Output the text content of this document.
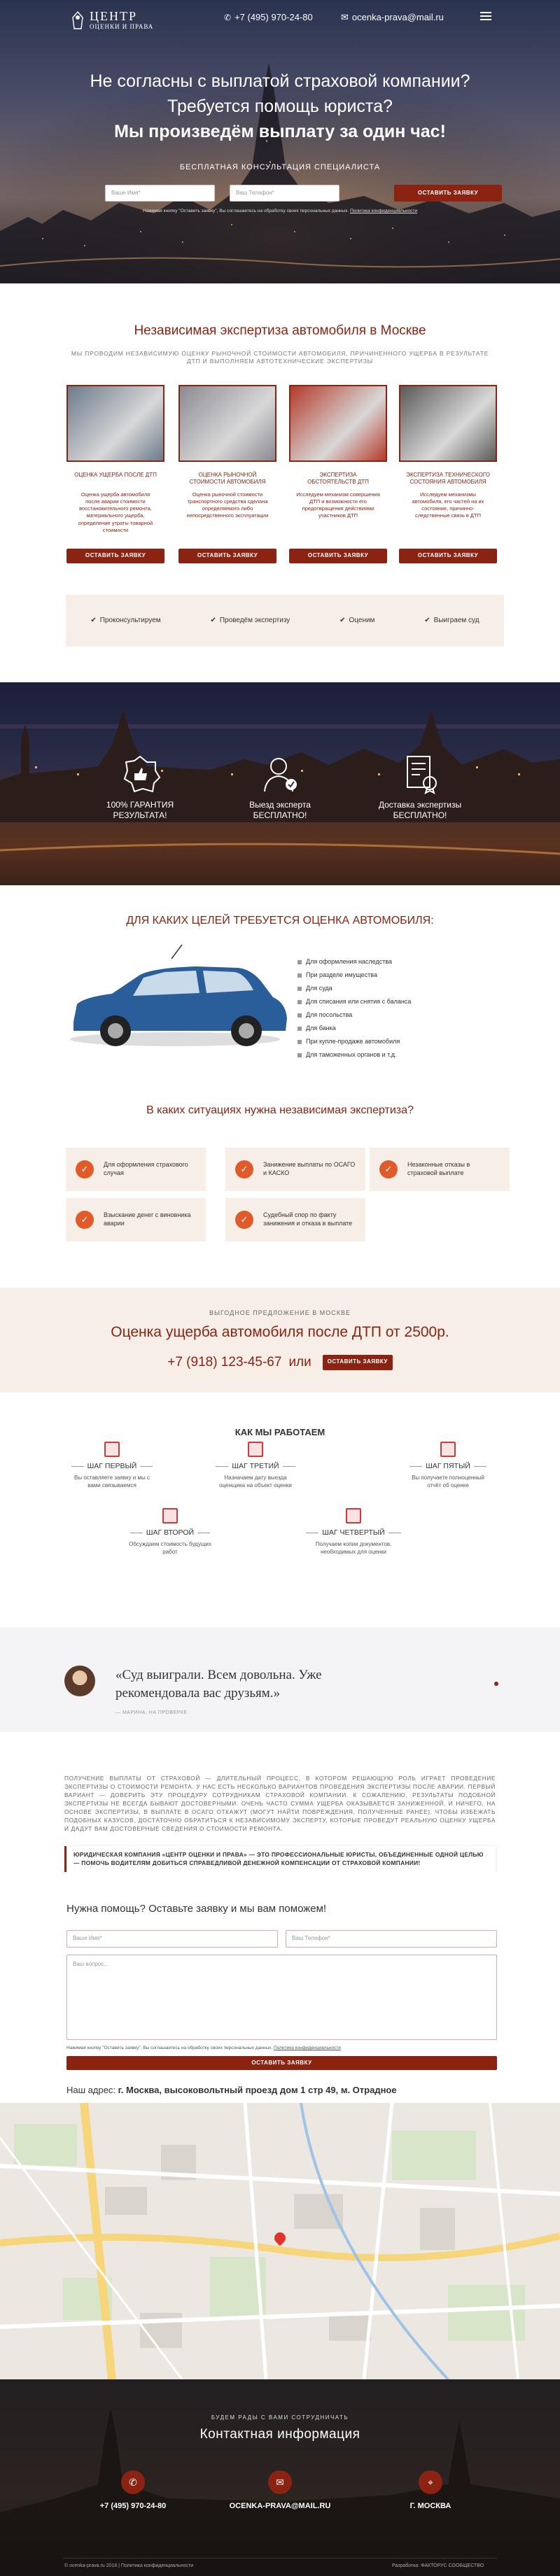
ЦЕНТР
ОЦЕНКИ И ПРАВА
✆ +7 (495) 970-24-80	✉ ocenka-prava@mail.ru
Не согласны с выплатой страховой компании?
Требуется помощь юриста?
Мы произведём выплату за один час!
БЕСПЛАТНАЯ КОНСУЛЬТАЦИЯ СПЕЦИАЛИСТА
Ваше Имя*	Ваш Телефон*	ОСТАВИТЬ ЗАЯВКУ
Нажимая кнопку "Оставить заявку", Вы соглашаетесь на обработку своих персональных данных. Политика конфиденциальности
Независимая экспертиза автомобиля в Москве
МЫ ПРОВОДИМ НЕЗАВИСИМУЮ ОЦЕНКУ РЫНОЧНОЙ СТОИМОСТИ АВТОМОБИЛЯ, ПРИЧИНЕННОГО УЩЕРБА В РЕЗУЛЬТАТЕ ДТП И ВЫПОЛНЯЕМ АВТОТЕХНИЧЕСКИЕ ЭКСПЕРТИЗЫ
ОЦЕНКА УЩЕРБА ПОСЛЕ ДТП
Оценка ущерба автомобиля после аварии стоимости восстановительного ремонта, материального ущерба, определение утраты товарной стоимости
ОСТАВИТЬ ЗАЯВКУ
ОЦЕНКА РЫНОЧНОЙ СТОИМОСТИ АВТОМОБИЛЯ
Оценка рыночной стоимости транспортного средства сделана определяемого либо непосредственного эксплуатации
ОСТАВИТЬ ЗАЯВКУ
ЭКСПЕРТИЗА ОБСТОЯТЕЛЬСТВ ДТП
Исследуем механизм совершения ДТП и возможности его предотвращения действиями участников ДТП
ОСТАВИТЬ ЗАЯВКУ
ЭКСПЕРТИЗА ТЕХНИЧЕСКОГО СОСТОЯНИЯ АВТОМОБИЛЯ
Исследуем механизмы автомобиля, его частей на их состояние, причинно-следственные связь в ДТП
ОСТАВИТЬ ЗАЯВКУ
✔ Проконсультируем	✔ Проведём экспертизу	✔ Оценим	✔ Выиграем суд
100% ГАРАНТИЯ РЕЗУЛЬТАТА!
Выезд эксперта БЕСПЛАТНО!
Доставка экспертизы БЕСПЛАТНО!
ДЛЯ КАКИХ ЦЕЛЕЙ ТРЕБУЕТСЯ ОЦЕНКА АВТОМОБИЛЯ:
Для оформления наследства
При разделе имущества
Для суда
Для списания или снятия с баланса
Для посольства
Для банка
При купле-продаже автомобиля
Для таможенных органов и т.д.
В каких ситуациях нужна независимая экспертиза?
✓	Для оформления страхового случая	✓	Занижение выплаты по ОСАГО и КАСКО	✓	Незаконные отказы в страховой выплате
✓	Взыскание денег с виновника аварии	✓	Судебный спор по факту занижения и отказа в выплате
ВЫГОДНОЕ ПРЕДЛОЖЕНИЕ В МОСКВЕ
Оценка ущерба автомобиля после ДТП от 2500р.
+7 (918) 123-45-67 или	ОСТАВИТЬ ЗАЯВКУ
КАК МЫ РАБОТАЕМ
ШАГ ПЕРВЫЙ
Вы оставляете заявку и мы с вами связываемся
ШАГ ТРЕТИЙ
Назначаем дату выезда оценщика на объект оценки
ШАГ ПЯТЫЙ
Вы получаете полноценный отчёт об оценке
ШАГ ВТОРОЙ
Обсуждаем стоимость будущих работ
ШАГ ЧЕТВЕРТЫЙ
Получаем копии документов, необходимых для оценки
«Суд выиграли. Всем довольна. Уже рекомендовала вас друзьям.»
— МАРИНА, НА ПРОВЕРКЕ
ПОЛУЧЕНИЕ ВЫПЛАТЫ ОТ СТРАХОВОЙ — ДЛИТЕЛЬНЫЙ ПРОЦЕСС, В КОТОРОМ РЕШАЮЩУЮ РОЛЬ ИГРАЕТ ПРОВЕДЕНИЕ ЭКСПЕРТИЗЫ О СТОИМОСТИ РЕМОНТА. У НАС ЕСТЬ НЕСКОЛЬКО ВАРИАНТОВ ПРОВЕДЕНИЯ ЭКСПЕРТИЗЫ ПОСЛЕ АВАРИИ. ПЕРВЫЙ ВАРИАНТ — ДОВЕРИТЬ ЭТУ ПРОЦЕДУРУ СОТРУДНИКАМ СТРАХОВОЙ КОМПАНИИ. К СОЖАЛЕНИЮ, РЕЗУЛЬТАТЫ ПОДОБНОЙ ЭКСПЕРТИЗЫ НЕ ВСЕГДА БЫВАЮТ ДОСТОВЕРНЫМИ. ОЧЕНЬ ЧАСТО СУММА УЩЕРБА ОКАЗЫВАЕТСЯ ЗАНИЖЕННОЙ, И НИЧЕГО, НА ОСНОВЕ ЭКСПЕРТИЗЫ, В ВЫПЛАТЕ В ОСАГО ОТКАЖУТ (МОГУТ НАЙТИ ПОВРЕЖДЕНИЯ, ПОЛУЧЕННЫЕ РАНЕЕ). ЧТОБЫ ИЗБЕЖАТЬ ПОДОБНЫХ КАЗУСОВ, ДОСТАТОЧНО ОБРАТИТЬСЯ К НЕЗАВИСИМОМУ ЭКСПЕРТУ, КОТОРЫЕ ПРОВЕДУТ РЕАЛЬНУЮ ОЦЕНКУ УЩЕРБА И ДАДУТ ВАМ ДОСТОВЕРНЫЕ СВЕДЕНИЯ О СТОИМОСТИ РЕМОНТА.
ЮРИДИЧЕСКАЯ КОМПАНИЯ «ЦЕНТР ОЦЕНКИ И ПРАВА» — ЭТО ПРОФЕССИОНАЛЬНЫЕ ЮРИСТЫ, ОБЪЕДИНЕННЫЕ ОДНОЙ ЦЕЛЬЮ — ПОМОЧЬ ВОДИТЕЛЯМ ДОБИТЬСЯ СПРАВЕДЛИВОЙ ДЕНЕЖНОЙ КОМПЕНСАЦИИ ОТ СТРАХОВОЙ КОМПАНИИ!
Нужна помощь? Оставьте заявку и мы вам поможем!
Ваше Имя*	Ваш Телефон*
Ваш вопрос...
Нажимая кнопку "Оставить заявку", Вы соглашаетесь на обработку своих персональных данных. Политика конфиденциальности
ОСТАВИТЬ ЗАЯВКУ
Наш адрес: г. Москва, высоковольтный проезд дом 1 стр 49, м. Отрадное
БУДЕМ РАДЫ С ВАМИ СОТРУДНИЧАТЬ
Контактная информация
✆
+7 (495) 970-24-80
✉
OCENKA-PRAVA@MAIL.RU
⌖
Г. МОСКВА
© ocenka-prava.ru 2018 | Политика конфиденциальности	Разработка: ФАКТОРУС СООБЩЕСТВО
